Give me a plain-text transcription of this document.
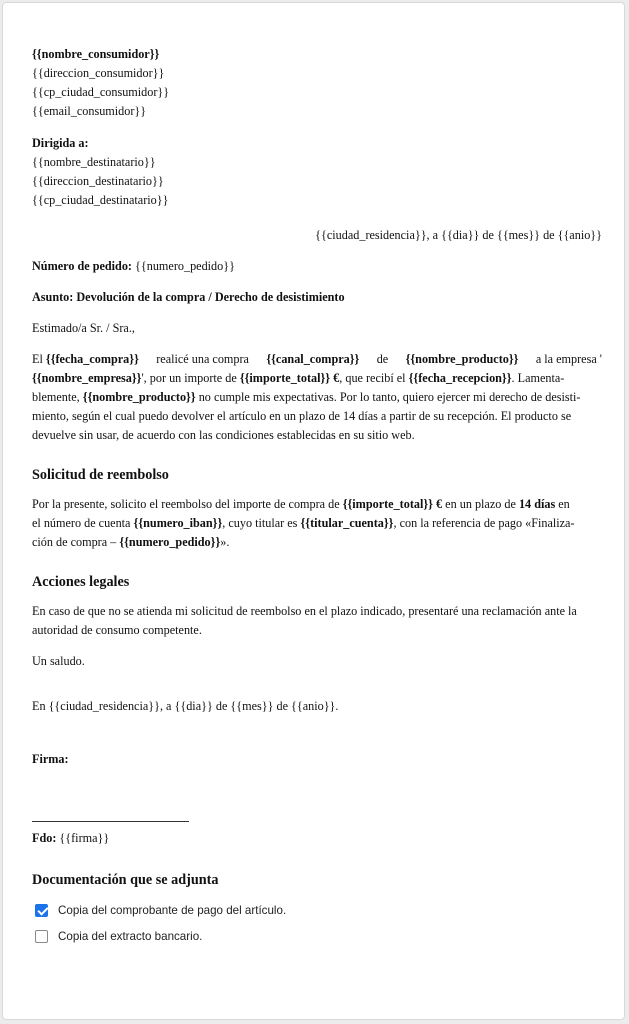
{{nombre_consumidor}}
{{direccion_consumidor}}
{{cp_ciudad_consumidor}}
{{email_consumidor}}
Dirigida a:
{{nombre_destinatario}}
{{direccion_destinatario}}
{{cp_ciudad_destinatario}}
{{ciudad_residencia}}, a {{dia}} de {{mes}} de {{anio}}
Número de pedido: {{numero_pedido}}
Asunto: Devolución de la compra / Derecho de desistimiento
Estimado/a Sr. / Sra.,
El {{fecha_compra}} realicé una compra {{canal_compra}} de {{nombre_producto}} a la empresa '
{{nombre_empresa}}', por un importe de {{importe_total}} €, que recibí el {{fecha_recepcion}}. Lamenta-
blemente, {{nombre_producto}} no cumple mis expectativas. Por lo tanto, quiero ejercer mi derecho de desisti-
miento, según el cual puedo devolver el artículo en un plazo de 14 días a partir de su recepción. El producto se
devuelve sin usar, de acuerdo con las condiciones establecidas en su sitio web.
Solicitud de reembolso
Por la presente, solicito el reembolso del importe de compra de {{importe_total}} € en un plazo de 14 días en
el número de cuenta {{numero_iban}}, cuyo titular es {{titular_cuenta}}, con la referencia de pago «Finaliza-
ción de compra – {{numero_pedido}}».
Acciones legales
En caso de que no se atienda mi solicitud de reembolso en el plazo indicado, presentaré una reclamación ante la
autoridad de consumo competente.
Un saludo.
En {{ciudad_residencia}}, a {{dia}} de {{mes}} de {{anio}}.
Firma:
Fdo: {{firma}}
Documentación que se adjunta
Copia del comprobante de pago del artículo.
Copia del extracto bancario.
